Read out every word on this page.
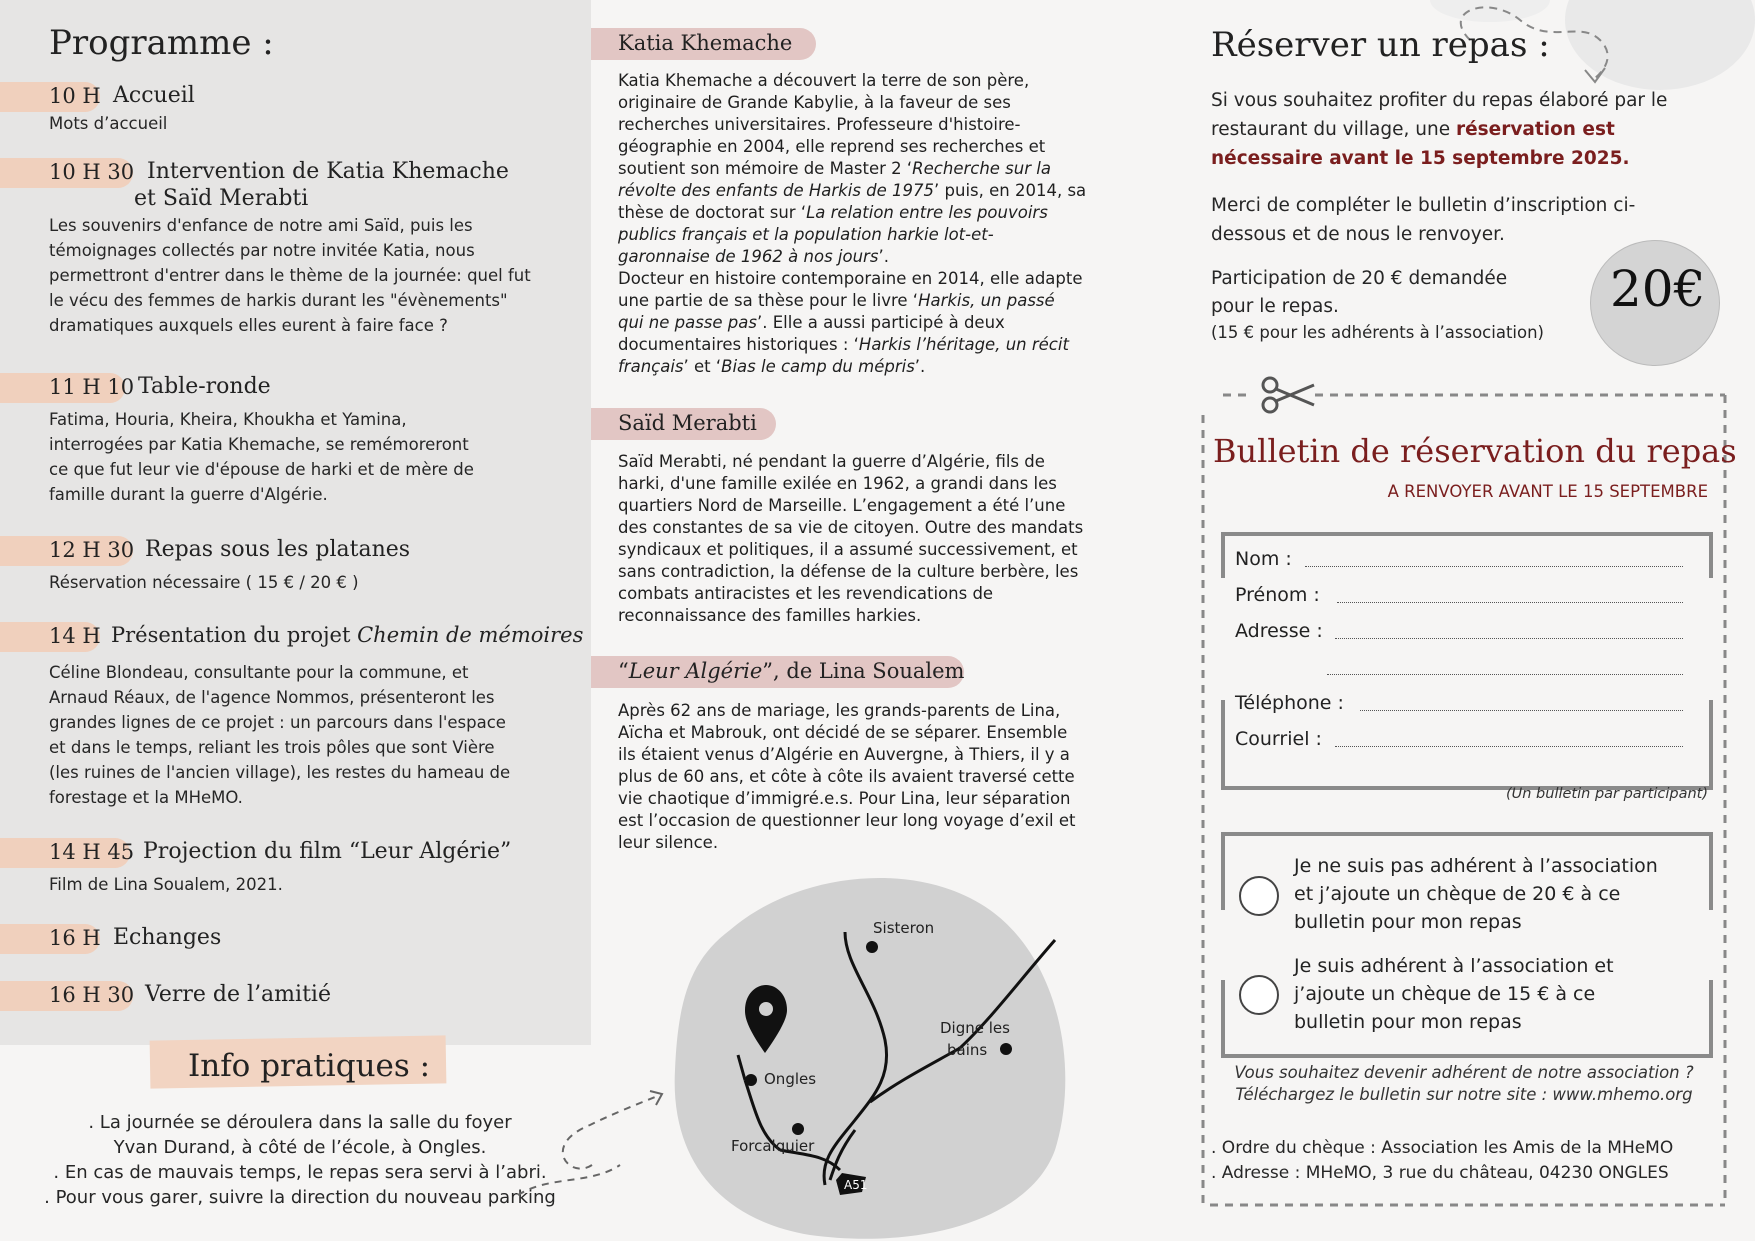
Programme :
10 H Accueil
Mots d’accueil
10 H 30 Intervention de Katia Khemache
et Saïd Merabti
Les souvenirs d'enfance de notre ami Saïd, puis les
témoignages collectés par notre invitée Katia, nous
permettront d'entrer dans le thème de la journée: quel fut
le vécu des femmes de harkis durant les "évènements"
dramatiques auxquels elles eurent à faire face ?
11 H 10 Table-ronde
Fatima, Houria, Kheira, Khoukha et Yamina,
interrogées par Katia Khemache, se remémoreront
ce que fut leur vie d'épouse de harki et de mère de
famille durant la guerre d'Algérie.
12 H 30 Repas sous les platanes
Réservation nécessaire ( 15 € / 20 € )
14 H Présentation du projet Chemin de mémoires
Céline Blondeau, consultante pour la commune, et
Arnaud Réaux, de l'agence Nommos, présenteront les
grandes lignes de ce projet : un parcours dans l'espace
et dans le temps, reliant les trois pôles que sont Vière
(les ruines de l'ancien village), les restes du hameau de
forestage et la MHeMO.
14 H 45 Projection du film “Leur Algérie”
Film de Lina Soualem, 2021.
16 H Echanges
16 H 30 Verre de l’amitié
Info pratiques :
. La journée se déroulera dans la salle du foyer
Yvan Durand, à côté de l’école, à Ongles.
. En cas de mauvais temps, le repas sera servi à l’abri.
. Pour vous garer, suivre la direction du nouveau parking
Katia Khemache
Katia Khemache a découvert la terre de son père,
originaire de Grande Kabylie, à la faveur de ses
recherches universitaires. Professeure d'histoire-
géographie en 2004, elle reprend ses recherches et
soutient son mémoire de Master 2 ‘Recherche sur la
révolte des enfants de Harkis de 1975’ puis, en 2014, sa
thèse de doctorat sur ‘La relation entre les pouvoirs
publics français et la population harkie lot-et-
garonnaise de 1962 à nos jours’.
Docteur en histoire contemporaine en 2014, elle adapte
une partie de sa thèse pour le livre ‘Harkis, un passé
qui ne passe pas’. Elle a aussi participé à deux
documentaires historiques : ‘Harkis l’héritage, un récit
français’ et ‘Bias le camp du mépris’.
Saïd Merabti
Saïd Merabti, né pendant la guerre d’Algérie, fils de
harki, d'une famille exilée en 1962, a grandi dans les
quartiers Nord de Marseille. L’engagement a été l’une
des constantes de sa vie de citoyen. Outre des mandats
syndicaux et politiques, il a assumé successivement, et
sans contradiction, la défense de la culture berbère, les
combats antiracistes et les revendications de
reconnaissance des familles harkies.
“Leur Algérie”, de Lina Soualem
Après 62 ans de mariage, les grands-parents de Lina,
Aïcha et Mabrouk, ont décidé de se séparer. Ensemble
ils étaient venus d’Algérie en Auvergne, à Thiers, il y a
plus de 60 ans, et côte à côte ils avaient traversé cette
vie chaotique d’immigré.e.s. Pour Lina, leur séparation
est l’occasion de questionner leur long voyage d’exil et
leur silence.
A51
Sisteron
Digne les
bains
Ongles
Forcalquier
Réserver un repas :
Si vous souhaitez profiter du repas élaboré par le
restaurant du village, une réservation est
nécessaire avant le 15 septembre 2025.
Merci de compléter le bulletin d’inscription ci-
dessous et de nous le renvoyer.
Participation de 20 € demandée
pour le repas.
(15 € pour les adhérents à l’association)
20€
Bulletin de réservation du repas
A RENVOYER AVANT LE 15 SEPTEMBRE
Nom :
Prénom :
Adresse :
Téléphone :
Courriel :
(Un bulletin par participant)
Je ne suis pas adhérent à l’association
et j’ajoute un chèque de 20 € à ce
bulletin pour mon repas
Je suis adhérent à l’association et
j’ajoute un chèque de 15 € à ce
bulletin pour mon repas
Vous souhaitez devenir adhérent de notre association ?
Téléchargez le bulletin sur notre site : www.mhemo.org
. Ordre du chèque : Association les Amis de la MHeMO
. Adresse : MHeMO, 3 rue du château, 04230 ONGLES
